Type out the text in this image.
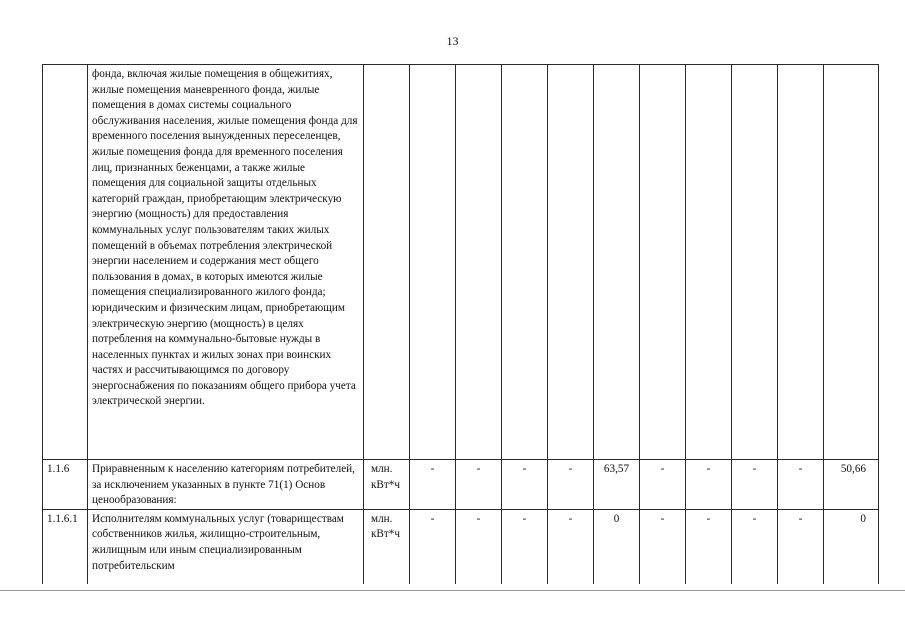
13

	фонда, включая жилые помещения в общежитиях, жилые помещения маневренного фонда, жилые помещения в домах системы социального обслуживания населения, жилые помещения фонда для временного поселения вынужденных переселенцев, жилые помещения фонда для временного поселения лиц, признанных беженцами, а также жилые помещения для социальной защиты отдельных категорий граждан, приобретающим электрическую энергию (мощность) для предоставления коммунальных услуг пользователям таких жилых помещений в объемах потребления электрической энергии населением и содержания мест общего пользования в домах, в которых имеются жилые помещения специализированного жилого фонда;
юридическим и физическим лицам, приобретающим электрическую энергию (мощность) в целях потребления на коммунально-бытовые нужды в населенных пунктах и жилых зонах при воинских частях и рассчитывающимся по договору энергоснабжения по показаниям общего прибора учета электрической энергии.											

1.1.6	Приравненным к населению категориям потребителей, за исключением указанных в пункте 71(1) Основ ценообразования:	млн. кВт*ч	-	-	-	-	63,57	-	-	-	-	50,66
1.1.6.1	Исполнителям коммунальных услуг (товариществам собственников жилья, жилищно-строительным, жилищным или иным специализированным потребительским	млн. кВт*ч	-	-	-	-	0	-	-	-	-	0
